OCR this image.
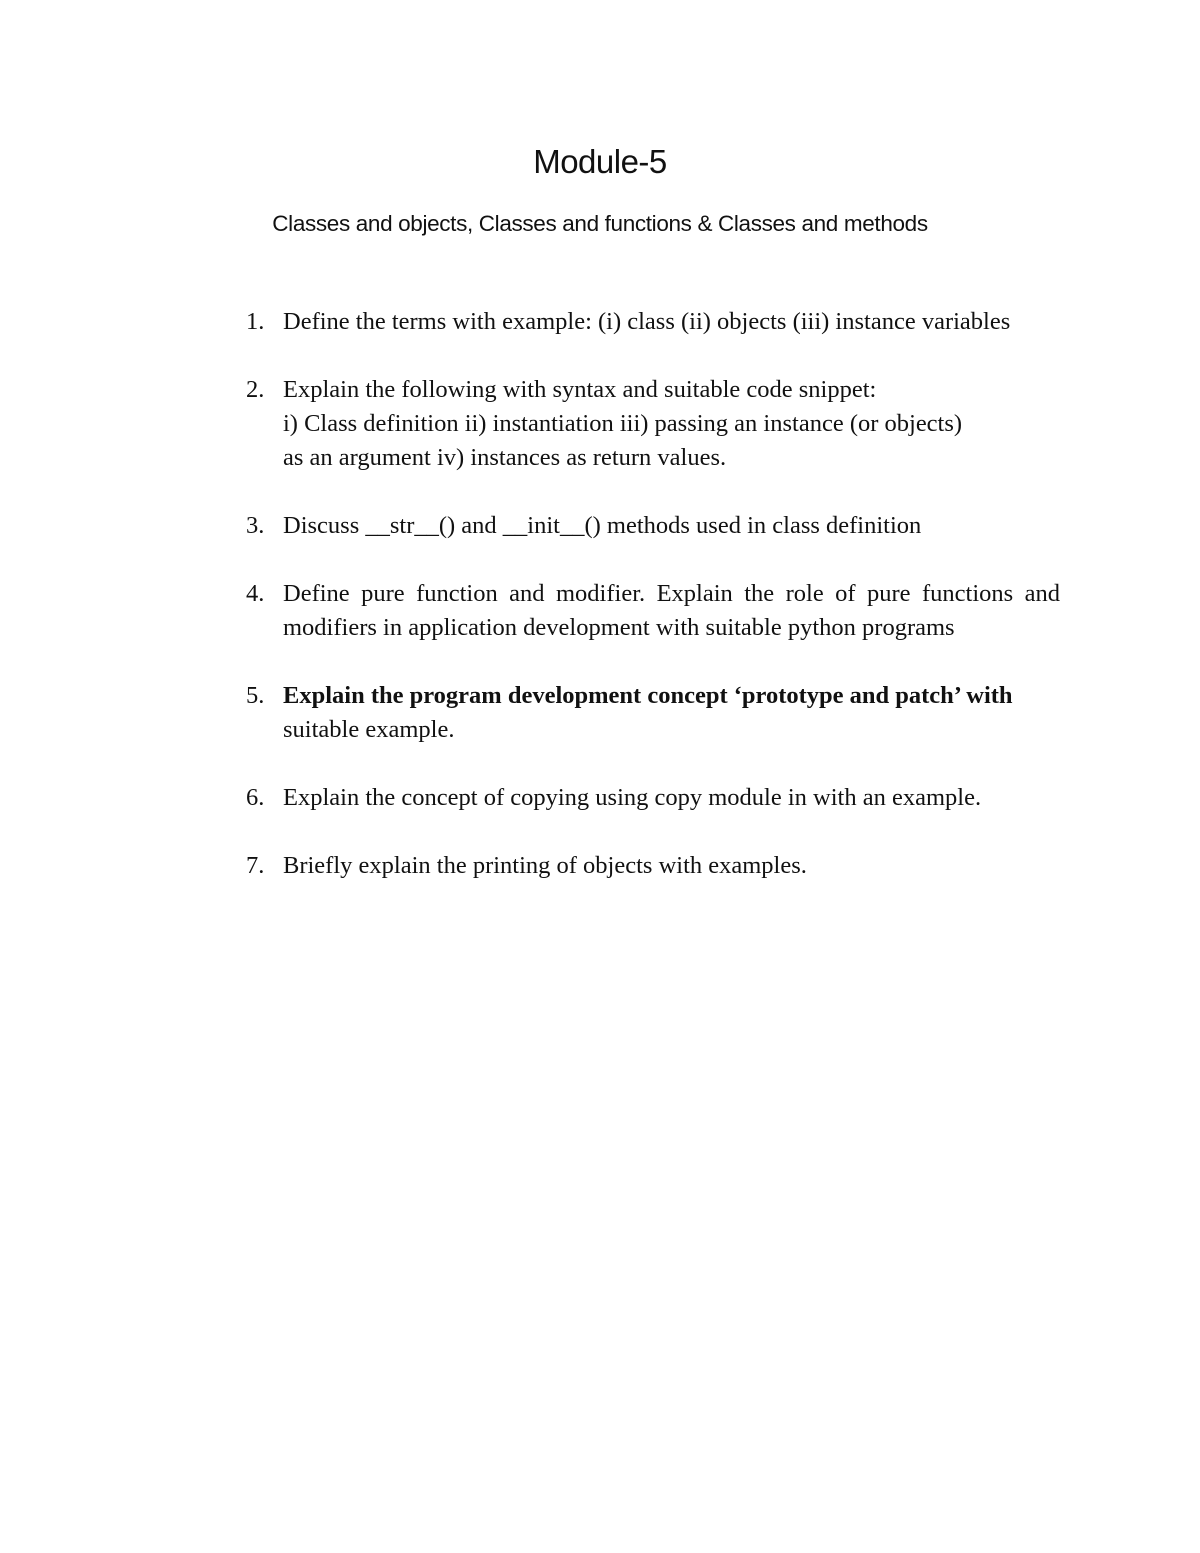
Module-5
Classes and objects, Classes and functions & Classes and methods
1. Define the terms with example: (i) class (ii) objects (iii) instance variables
2. Explain the following with syntax and suitable code snippet:
i) Class definition ii) instantiation iii) passing an instance (or objects)
as an argument iv) instances as return values.
3. Discuss __str__() and __init__() methods used in class definition
4. Define pure function and modifier. Explain the role of pure functions and modifiers in application development with suitable python programs
5. Explain the program development concept ‘prototype and patch’ with
suitable example.
6. Explain the concept of copying using copy module in with an example.
7. Briefly explain the printing of objects with examples.
